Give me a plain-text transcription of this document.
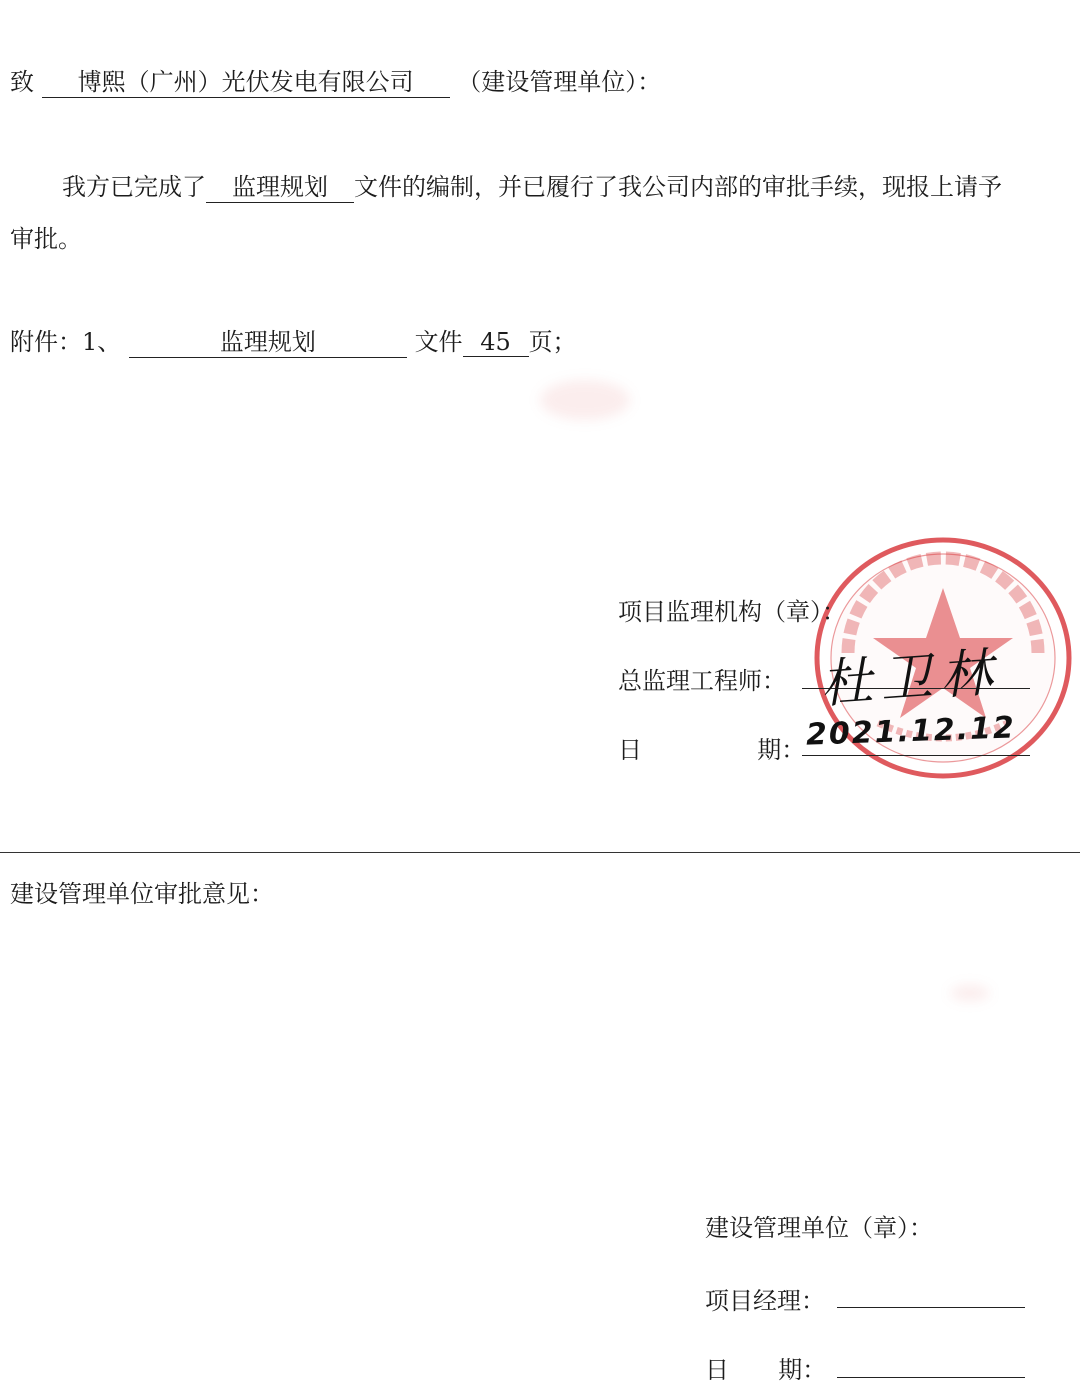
致 博熙（广州）光伏发电有限公司 （建设管理单位）：
我方已完成了 监理规划 文件的编制，并已履行了我公司内部的审批手续，现报上请予
审批。
附件：1、	监理规划	文件 45 页；
项目监理机构（章）：
总监理工程师： 杜卫林
日	期： 2021.12.12
建设管理单位审批意见：
建设管理单位（章）：
项目经理：
日 期：
